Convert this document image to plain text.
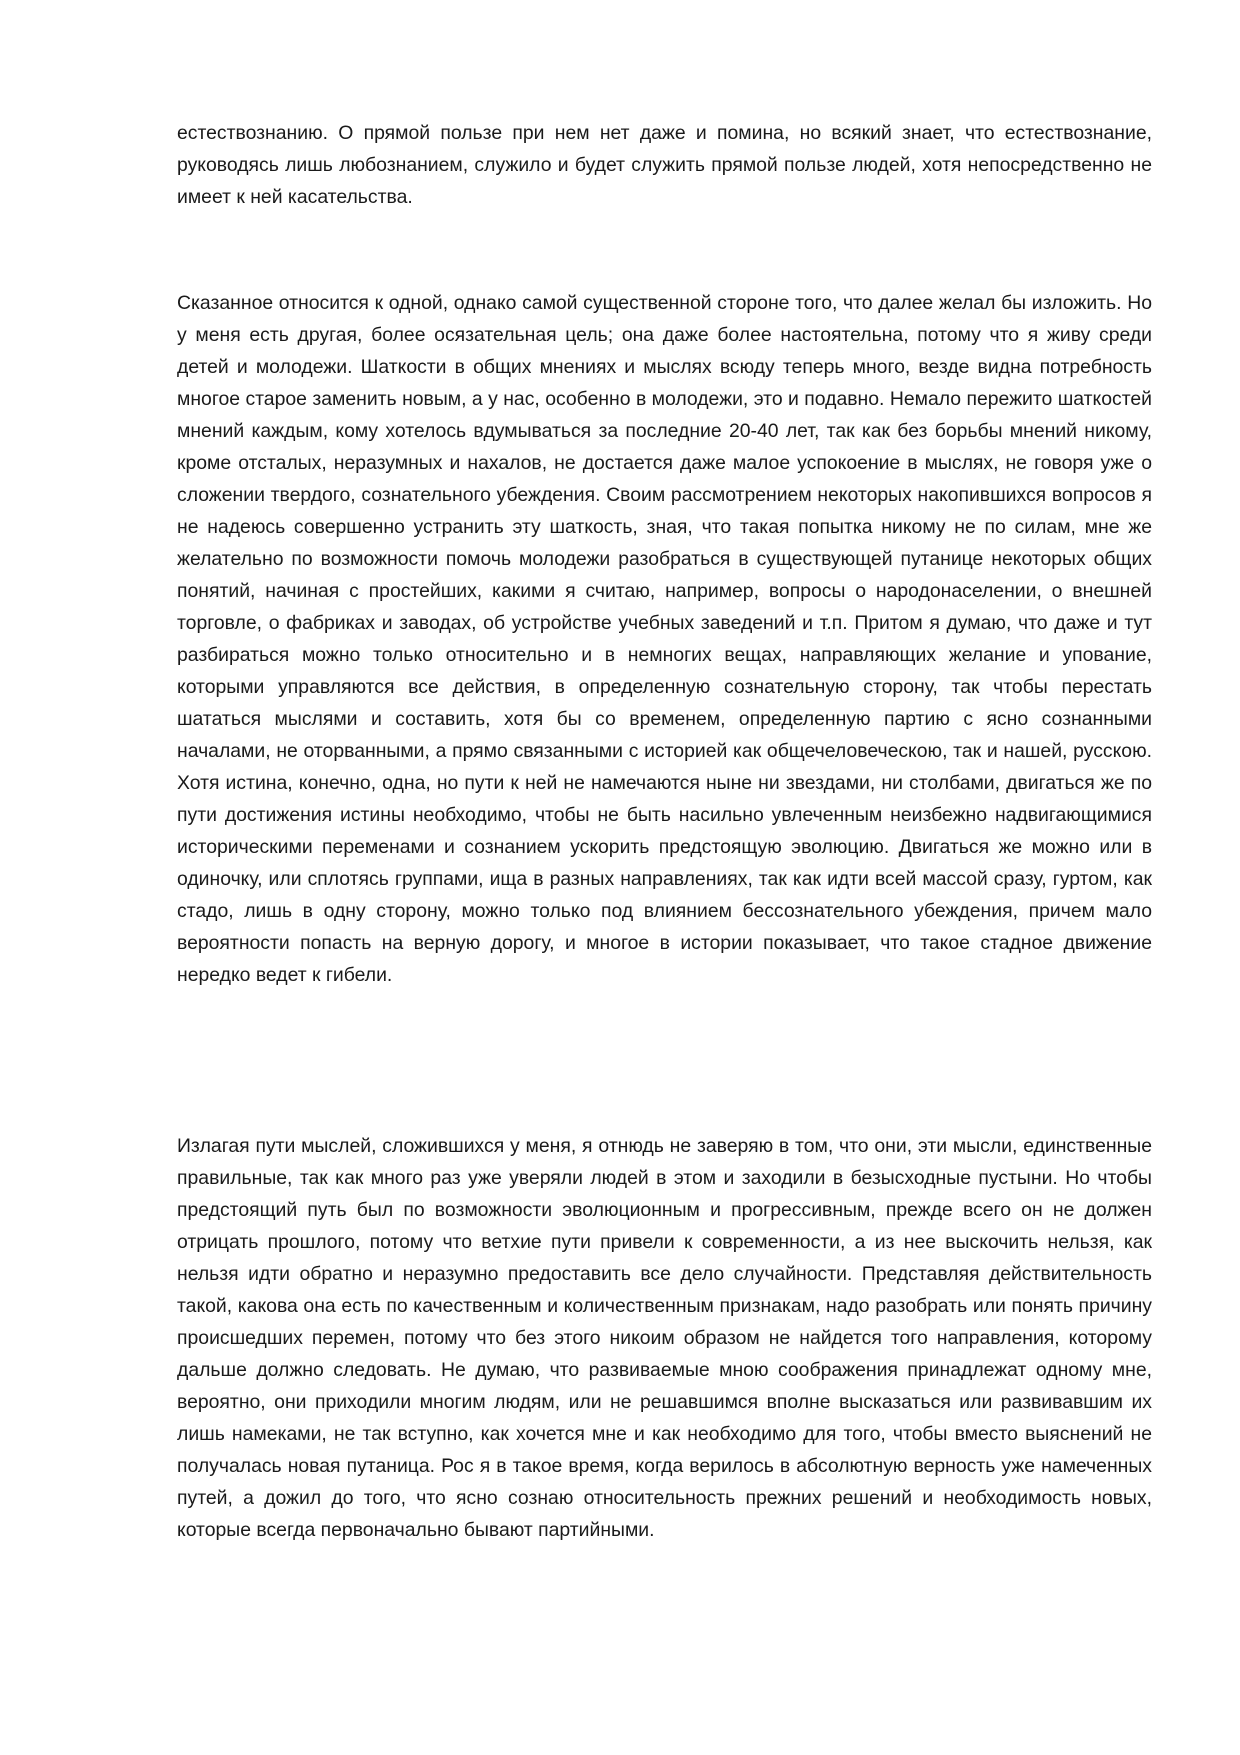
естествознанию. О прямой пользе при нем нет даже и помина, но всякий знает, что естествознание, руководясь лишь любознанием, служило и будет служить прямой пользе людей, хотя непосредственно не имеет к ней касательства.

Сказанное относится к одной, однако самой существенной стороне того, что далее желал бы изложить. Но у меня есть другая, более осязательная цель; она даже более настоятельна, потому что я живу среди детей и молодежи. Шаткости в общих мнениях и мыслях всюду теперь много, везде видна потребность многое старое заменить новым, а у нас, особенно в молодежи, это и подавно. Немало пережито шаткостей мнений каждым, кому хотелось вдумываться за последние 20-40 лет, так как без борьбы мнений никому, кроме отсталых, неразумных и нахалов, не достается даже малое успокоение в мыслях, не говоря уже о сложении твердого, сознательного убеждения. Своим рассмотрением некоторых накопившихся вопросов я не надеюсь совершенно устранить эту шаткость, зная, что такая попытка никому не по силам, мне же желательно по возможности помочь молодежи разобраться в существующей путанице некоторых общих понятий, начиная с простейших, какими я считаю, например, вопросы о народонаселении, о внешней торговле, о фабриках и заводах, об устройстве учебных заведений и т.п. Притом я думаю, что даже и тут разбираться можно только относительно и в немногих вещах, направляющих желание и упование, которыми управляются все действия, в определенную сознательную сторону, так чтобы перестать шататься мыслями и составить, хотя бы со временем, определенную партию с ясно сознанными началами, не оторванными, а прямо связанными с историей как общечеловеческою, так и нашей, русскою. Хотя истина, конечно, одна, но пути к ней не намечаются ныне ни звездами, ни столбами, двигаться же по пути достижения истины необходимо, чтобы не быть насильно увлеченным неизбежно надвигающимися историческими переменами и сознанием ускорить предстоящую эволюцию. Двигаться же можно или в одиночку, или сплотясь группами, ища в разных направлениях, так как идти всей массой сразу, гуртом, как стадо, лишь в одну сторону, можно только под влиянием бессознательного убеждения, причем мало вероятности попасть на верную дорогу, и многое в истории показывает, что такое стадное движение нередко ведет к гибели.

Излагая пути мыслей, сложившихся у меня, я отнюдь не заверяю в том, что они, эти мысли, единственные правильные, так как много раз уже уверяли людей в этом и заходили в безысходные пустыни. Но чтобы предстоящий путь был по возможности эволюционным и прогрессивным, прежде всего он не должен отрицать прошлого, потому что ветхие пути привели к современности, а из нее выскочить нельзя, как нельзя идти обратно и неразумно предоставить все дело случайности. Представляя действительность такой, какова она есть по качественным и количественным признакам, надо разобрать или понять причину происшедших перемен, потому что без этого никоим образом не найдется того направления, которому дальше должно следовать. Не думаю, что развиваемые мною соображения принадлежат одному мне, вероятно, они приходили многим людям, или не решавшимся вполне высказаться или развивавшим их лишь намеками, не так вступно, как хочется мне и как необходимо для того, чтобы вместо выяснений не получалась новая путаница. Рос я в такое время, когда верилось в абсолютную верность уже намеченных путей, а дожил до того, что ясно сознаю относительность прежних решений и необходимость новых, которые всегда первоначально бывают партийными.
